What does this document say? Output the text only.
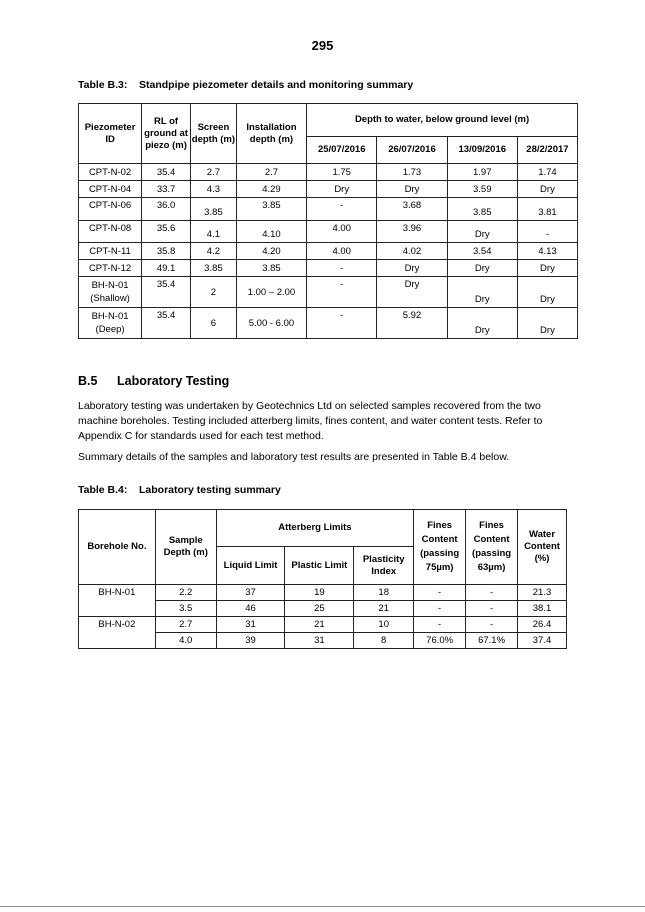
295
Table B.3: Standpipe piezometer details and monitoring summary
Piezometer ID	RL of ground at piezo (m)	Screen depth (m)	Installation depth (m)	Depth to water, below ground level (m)			
				25/07/2016	26/07/2016	13/09/2016	28/2/2017
CPT-N-02	35.4	2.7	2.7	1.75	1.73	1.97	1.74
CPT-N-04	33.7	4.3	4.29	Dry	Dry	3.59	Dry
CPT-N-06	36.0	3.85	3.85	-	3.68	3.85	3.81
CPT-N-08	35.6	4.1	4.10	4.00	3.96	Dry	-
CPT-N-11	35.8	4.2	4.20	4.00	4.02	3.54	4.13
CPT-N-12	49.1	3.85	3.85	-	Dry	Dry	Dry
BH-N-01
(Shallow)	35.4	2	1.00 – 2.00	-	Dry	Dry	Dry
BH-N-01
(Deep)	35.4	6	5.00 - 6.00	-	5.92	Dry	Dry
B.5 Laboratory Testing

Laboratory testing was undertaken by Geotechnics Ltd on selected samples recovered from the two machine boreholes. Testing included atterberg limits, fines content, and water content tests. Refer to Appendix C for standards used for each test method.

Summary details of the samples and laboratory test results are presented in Table B.4 below.

Table B.4: Laboratory testing summary
Borehole No.	Sample Depth (m)	Atterberg Limits			Fines Content (passing 75µm)	Fines Content (passing 63µm)	Water Content (%)
		Liquid Limit	Plastic Limit	Plasticity Index			
BH-N-01	2.2	37	19	18	-	-	21.3
	3.5	46	25	21	-	-	38.1
BH-N-02	2.7	31	21	10	-	-	26.4
	4.0	39	31	8	76.0%	67.1%	37.4
